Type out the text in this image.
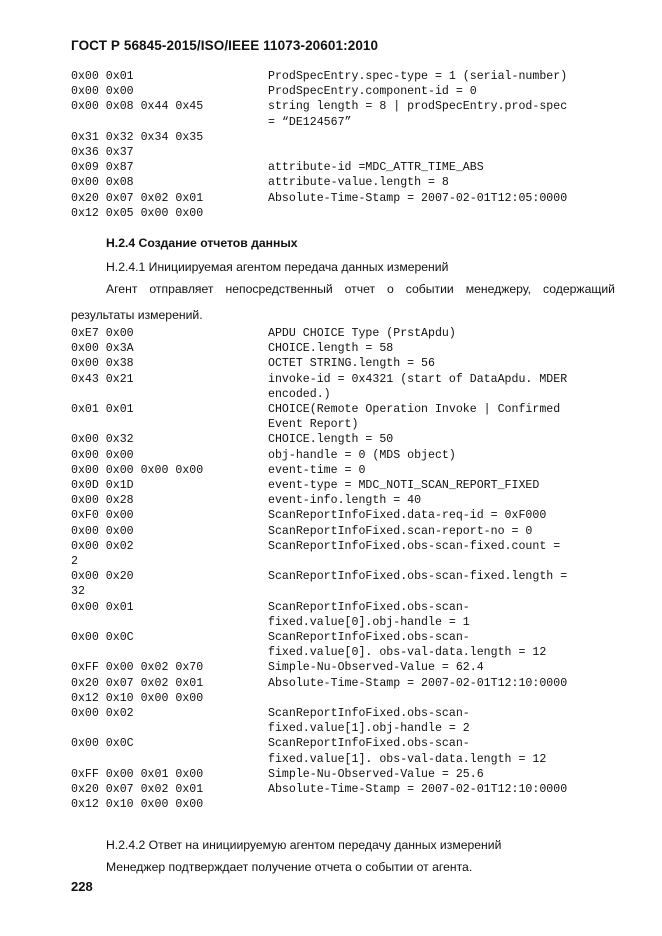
ГОСТ Р 56845-2015/ISO/IEEE 11073-20601:2010
0x00 0x01	ProdSpecEntry.spec-type = 1 (serial-number)
0x00 0x00	ProdSpecEntry.component-id = 0
0x00 0x08 0x44 0x45	string length = 8 | prodSpecEntry.prod-spec
= “DE124567”
0x31 0x32 0x34 0x35
0x36 0x37
0x09 0x87	attribute-id =MDC_ATTR_TIME_ABS
0x00 0x08	attribute-value.length = 8
0x20 0x07 0x02 0x01	Absolute-Time-Stamp = 2007-02-01T12:05:0000
0x12 0x05 0x00 0x00
H.2.4 Создание отчетов данных
H.2.4.1 Инициируемая агентом передача данных измерений
Агент отправляет непосредственный отчет о событии менеджеру, содержащий результаты измерений.
0xE7 0x00	APDU CHOICE Type (PrstApdu)
0x00 0x3A	CHOICE.length = 58
0x00 0x38	OCTET STRING.length = 56
0x43 0x21	invoke-id = 0x4321 (start of DataApdu. MDER
encoded.)
0x01 0x01	CHOICE(Remote Operation Invoke | Confirmed
Event Report)
0x00 0x32	CHOICE.length = 50
0x00 0x00	obj-handle = 0 (MDS object)
0x00 0x00 0x00 0x00	event-time = 0
0x0D 0x1D	event-type = MDC_NOTI_SCAN_REPORT_FIXED
0x00 0x28	event-info.length = 40
0xF0 0x00	ScanReportInfoFixed.data-req-id = 0xF000
0x00 0x00	ScanReportInfoFixed.scan-report-no = 0
0x00 0x02	ScanReportInfoFixed.obs-scan-fixed.count =
2
0x00 0x20	ScanReportInfoFixed.obs-scan-fixed.length =
32
0x00 0x01	ScanReportInfoFixed.obs-scan-
fixed.value[0].obj-handle = 1
0x00 0x0C	ScanReportInfoFixed.obs-scan-
fixed.value[0]. obs-val-data.length = 12
0xFF 0x00 0x02 0x70	Simple-Nu-Observed-Value = 62.4
0x20 0x07 0x02 0x01	Absolute-Time-Stamp = 2007-02-01T12:10:0000
0x12 0x10 0x00 0x00
0x00 0x02	ScanReportInfoFixed.obs-scan-
fixed.value[1].obj-handle = 2
0x00 0x0C	ScanReportInfoFixed.obs-scan-
fixed.value[1]. obs-val-data.length = 12
0xFF 0x00 0x01 0x00	Simple-Nu-Observed-Value = 25.6
0x20 0x07 0x02 0x01	Absolute-Time-Stamp = 2007-02-01T12:10:0000
0x12 0x10 0x00 0x00
H.2.4.2 Ответ на инициируемую агентом передачу данных измерений
Менеджер подтверждает получение отчета о событии от агента.
228
